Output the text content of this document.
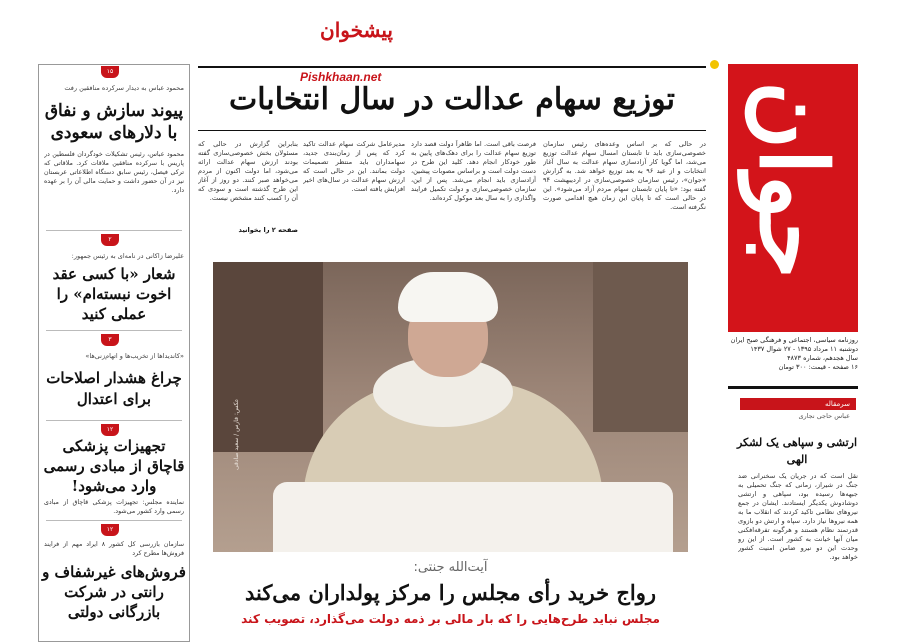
پیشخوان
Pishkhaan.net
جوان
روزنامه سیاسی، اجتماعی و فرهنگی صبح ایران
دوشنبه ۱۱ مرداد ۱۳۹۵ - ۲۷ شوال ۱۴۳۷
سال هجدهم، شماره ۴۸۷۳
۱۶ صفحه - قیمت: ۳۰۰ تومان
توزیع سهام عدالت در سال انتخابات
در حالی که بر اساس وعده‌های رئیس سازمان خصوصی‌سازی باید تا تابستان امسال سهام عدالت توزیع می‌شد، اما گویا کار آزادسازی سهام عدالت به سال آغاز انتخابات و از عید ۹۶ به بعد توزیع خواهد شد. به گزارش «جوان»، رئیس سازمان خصوصی‌سازی در اردیبهشت ۹۴ گفته بود: «تا پایان تابستان سهام مردم آزاد می‌شود». این در حالی است که تا پایان این زمان هیچ اقدامی صورت نگرفته است.
فرصت باقی است. اما ظاهراً دولت قصد دارد توزیع سهام عدالت را برای دهک‌های پایین به طور خودکار انجام دهد. کلید این طرح در دست دولت است و براساس مصوبات پیشین، آزادسازی باید انجام می‌شد. پس از این، سازمان خصوصی‌سازی و دولت تکمیل فرایند واگذاری را به سال بعد موکول کرده‌اند.
مدیرعامل شرکت سهام عدالت تاکید کرد که پس از زمان‌بندی جدید، سهامداران باید منتظر تصمیمات دولت بمانند. این در حالی است که ارزش سهام عدالت در سال‌های اخیر افزایش یافته است.
بنابراین گزارش در حالی که مسئولان بخش خصوصی‌سازی گفته بودند ارزش سهام عدالت ارائه می‌شود، اما دولت اکنون از مردم می‌خواهد صبر کنند. دو روز از آغاز این طرح گذشته است و سودی که آن را کسب کنند مشخص نیست.
صفحه ۲ را بخوانید
عکس: فارس / سعید صادقی
آیت‌الله جنتی:
رواج خرید رأی مجلس را مرکز پولداران می‌کند
مجلس نباید طرح‌هایی را که بار مالی بر ذمه دولت می‌گذارد، تصویب کند
۱۵
محمود عباس به دیدار سرکرده منافقین رفت
پیوند سازش و نفاق با دلارهای سعودی
محمود عباس، رئیس تشکیلات خودگردان فلسطین در پاریس با سرکرده منافقین ملاقات کرد. ملاقاتی که ترکی فیصل، رئیس سابق دستگاه اطلاعاتی عربستان نیز در آن حضور داشت و حمایت مالی آن را بر عهده دارد.
۲
علیرضا زاکانی در نامه‌ای به رئیس جمهور:
شعار «با کسی عقد اخوت نبسته‌ام» را عملی کنید
۳
«کاندیداها از تخریب‌ها و اتهام‌زنی‌ها»
چراغ هشدار اصلاحات برای اعتدال
۱۲
تجهیزات پزشکی قاچاق از مبادی رسمی وارد می‌شود!
نماینده مجلس: تجهیزات پزشکی قاچاق از مبادی رسمی وارد کشور می‌شود.
۱۲
سازمان بازرسی کل کشور ۸ ایراد مهم از فرایند فروش‌ها مطرح کرد
فروش‌های غیرشفاف و رانتی در شرکت بازرگانی دولتی
سرمقاله
عباس حاجی نجاری
ارتشی و سپاهی یک لشکر الهی
نقل است که در جریان یک سخنرانی ضد جنگ در شیراز، زمانی که جنگ تحمیلی به جبهه‌ها رسیده بود، سپاهی و ارتشی دوشادوش یکدیگر ایستادند. ایشان در جمع نیروهای نظامی تاکید کردند که انقلاب ما به همه نیروها نیاز دارد. سپاه و ارتش دو بازوی قدرتمند نظام هستند و هرگونه تفرقه‌افکنی میان آنها خیانت به کشور است. از این رو وحدت این دو نیرو ضامن امنیت کشور خواهد بود.
